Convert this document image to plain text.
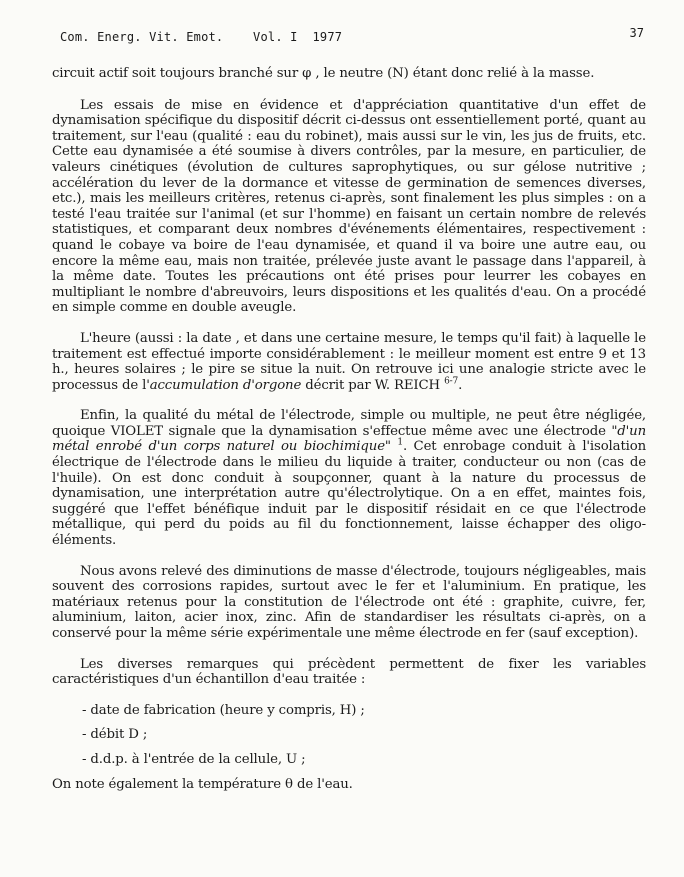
Com. Energ. Vit. Emot. Vol. I 1977	37

circuit actif soit toujours branché sur φ , le neutre (N) étant donc relié à la masse.

Les essais de mise en évidence et d'appréciation quantitative d'un effet de dynamisation spécifique du dispositif décrit ci-dessus ont essentiellement porté, quant au traitement, sur l'eau (qualité : eau du robinet), mais aussi sur le vin, les jus de fruits, etc. Cette eau dynamisée a été soumise à divers contrôles, par la mesure, en particulier, de valeurs cinétiques (évolution de cultures saprophytiques, ou sur gélose nutritive ; accélération du lever de la dormance et vitesse de germination de semences diverses, etc.), mais les meilleurs critères, retenus ci-après, sont finalement les plus simples : on a testé l'eau traitée sur l'animal (et sur l'homme) en faisant un certain nombre de relevés statistiques, et comparant deux nombres d'événements élémentaires, respectivement : quand le cobaye va boire de l'eau dynamisée, et quand il va boire une autre eau, ou encore la même eau, mais non traitée, prélevée juste avant le passage dans l'appareil, à la même date. Toutes les précautions ont été prises pour leurrer les cobayes en multipliant le nombre d'abreuvoirs, leurs dispositions et les qualités d'eau. On a procédé en simple comme en double aveugle.

L'heure (aussi : la date , et dans une certaine mesure, le temps qu'il fait) à laquelle le traitement est effectué importe considérablement : le meilleur moment est entre 9 et 13 h., heures solaires ; le pire se situe la nuit. On retrouve ici une analogie stricte avec le processus de l'accumulation d'orgone décrit par W. REICH $^{6-7}$.

Enfin, la qualité du métal de l'électrode, simple ou multiple, ne peut être négligée, quoique VIOLET signale que la dynamisation s'effectue même avec une électrode "d'un métal enrobé d'un corps naturel ou biochimique" $^1$. Cet enrobage conduit à l'isolation électrique de l'électrode dans le milieu du liquide à traiter, conducteur ou non (cas de l'huile). On est donc conduit à soupçonner, quant à la nature du processus de dynamisation, une interprétation autre qu'électrolytique. On a en effet, maintes fois, suggéré que l'effet bénéfique induit par le dispositif résidait en ce que l'électrode métallique, qui perd du poids au fil du fonctionnement, laisse échapper des oligo-éléments.

Nous avons relevé des diminutions de masse d'électrode, toujours négligeables, mais souvent des corrosions rapides, surtout avec le fer et l'aluminium. En pratique, les matériaux retenus pour la constitution de l'électrode ont été : graphite, cuivre, fer, aluminium, laiton, acier inox, zinc. Afin de standardiser les résultats ci-après, on a conservé pour la même série expérimentale une même électrode en fer (sauf exception).

Les diverses remarques qui précèdent permettent de fixer les variables caractéristiques d'un échantillon d'eau traitée :

- date de fabrication (heure y compris, H) ;
- débit D ;
- d.d.p. à l'entrée de la cellule, U ;
On note également la température θ de l'eau.
